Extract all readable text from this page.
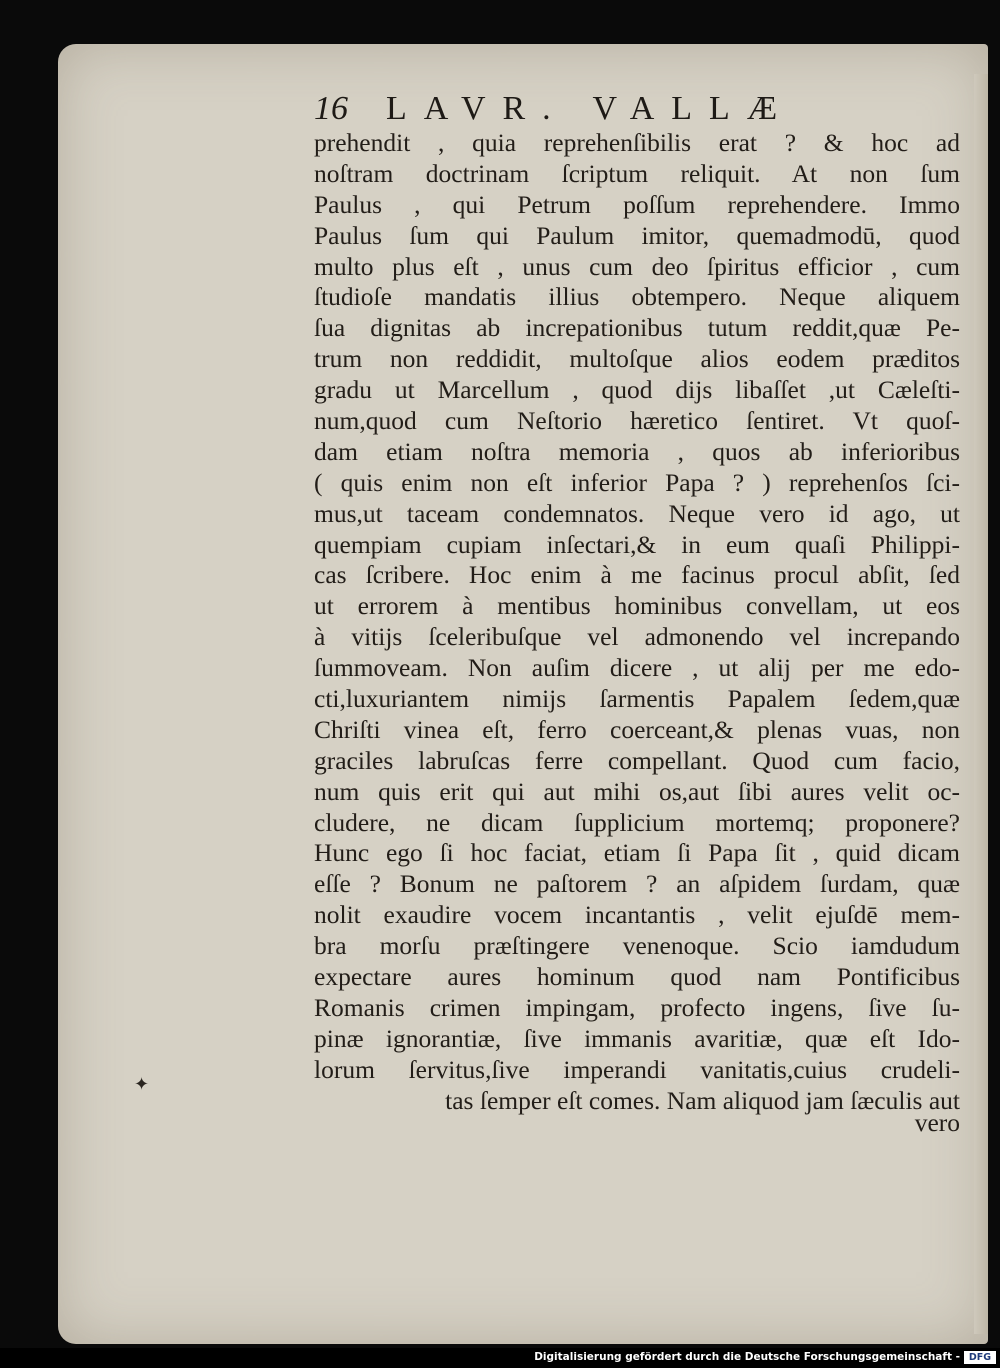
16 LAVR. VALLÆ
prehendit , quia reprehenſibilis erat ? & hoc ad
noſtram doctrinam ſcriptum reliquit. At non ſum
Paulus , qui Petrum poſſum reprehendere. Immo
Paulus ſum qui Paulum imitor, quemadmodū, quod
multo plus eſt , unus cum deo ſpiritus efficior , cum
ſtudioſe mandatis illius obtempero. Neque aliquem
ſua dignitas ab increpationibus tutum reddit,quæ Pe-
trum non reddidit, multoſque alios eodem præditos
gradu ut Marcellum , quod dijs libaſſet ,ut Cæleſti-
num,quod cum Neſtorio hæretico ſentiret. Vt quoſ-
dam etiam noſtra memoria , quos ab inferioribus
( quis enim non eſt inferior Papa ? ) reprehenſos ſci-
mus,ut taceam condemnatos. Neque vero id ago, ut
quempiam cupiam inſectari,& in eum quaſi Philippi-
cas ſcribere. Hoc enim à me facinus procul abſit, ſed
ut errorem à mentibus hominibus convellam, ut eos
à vitijs ſceleribuſque vel admonendo vel increpando
ſummoveam. Non auſim dicere , ut alij per me edo-
cti,luxuriantem nimijs ſarmentis Papalem ſedem,quæ
Chriſti vinea eſt, ferro coerceant,& plenas vuas, non
graciles labruſcas ferre compellant. Quod cum facio,
num quis erit qui aut mihi os,aut ſibi aures velit oc-
cludere, ne dicam ſupplicium mortemq; proponere?
Hunc ego ſi hoc faciat, etiam ſi Papa ſit , quid dicam
eſſe ? Bonum ne paſtorem ? an aſpidem ſurdam, quæ
nolit exaudire vocem incantantis , velit ejuſdē mem-
bra morſu præſtingere venenoque. Scio iamdudum
expectare aures hominum quod nam Pontificibus
Romanis crimen impingam, profecto ingens, ſive ſu-
pinæ ignorantiæ, ſive immanis avaritiæ, quæ eſt Ido-
lorum ſervitus,ſive imperandi vanitatis,cuius crudeli-
tas ſemper eſt comes. Nam aliquod jam ſæculis aut
vero
✦
Digitalisierung gefördert durch die Deutsche Forschungsgemeinschaft - DFG
